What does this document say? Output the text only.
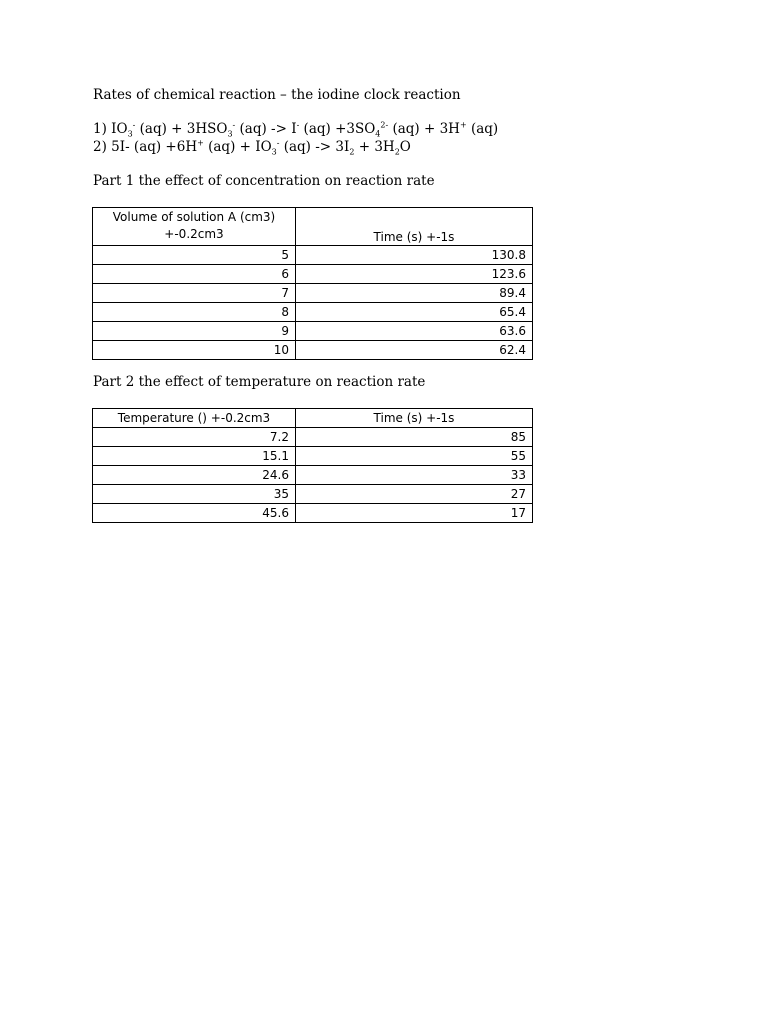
Rates of chemical reaction – the iodine clock reaction
1) $IO_3^-$ $(aq) + 3HSO_3^-$ (aq) -> I- $(aq) +3SO_4^{2-}$ (aq) + 3H+ (aq)
2) 5I- (aq) +6H+ $(aq) + IO_3^-$ $(aq) -> 3I_2 + 3H_2O$
Part 1 the effect of concentration on reaction rate
Volume of solution A (cm3) +-0.2cm3	Time (s) +-1s
5	130.8
6	123.6
7	89.4
8	65.4
9	63.6
10	62.4
Part 2 the effect of temperature on reaction rate
Temperature () +-0.2cm3	Time (s) +-1s
7.2	85
15.1	55
24.6	33
35	27
45.6	17
